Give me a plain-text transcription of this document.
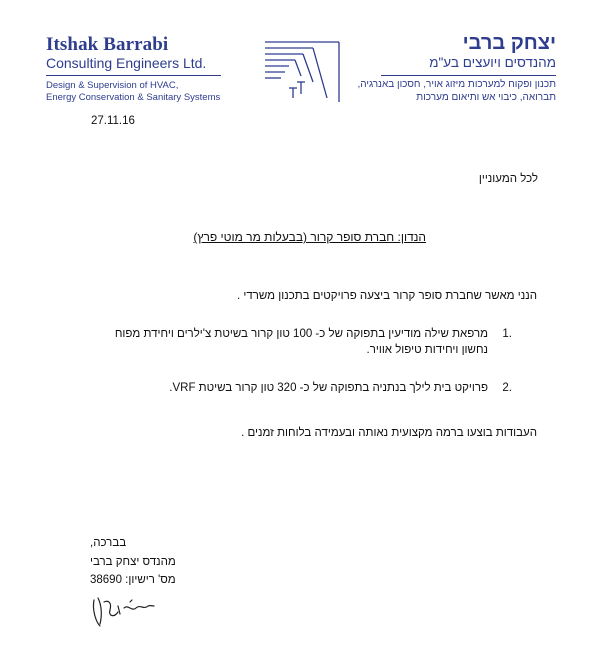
Itshak Barrabi
Consulting Engineers Ltd.
Design & Supervision of HVAC,
Energy Conservation & Sanitary Systems
יצחק ברבי
מהנדסים ויועצים בע"מ
תכנון ופקוח למערכות מיזוג אויר, חסכון באנרגיה,
תברואה, כיבוי אש ותיאום מערכות
27.11.16
לכל המעוניין
הנדון: חברת סופר קרור (בבעלות מר מוטי פרץ)
הנני מאשר שחברת סופר קרור ביצעה פרויקטים בתכנון משרדי .
1.
מרפאת שילה מודיעין בתפוקה של כ- 100 טון קרור בשיטת צ'ילרים ויחידת מפוח
נחשון ויחידות טיפול אוויר.
2.
פרויקט בית לילך בנתניה בתפוקה של כ- 320 טון קרור בשיטת VRF.
העבודות בוצעו ברמה מקצועית נאותה ובעמידה בלוחות זמנים .
בברכה,
מהנדס יצחק ברבי
מס' רישיון: 38690
